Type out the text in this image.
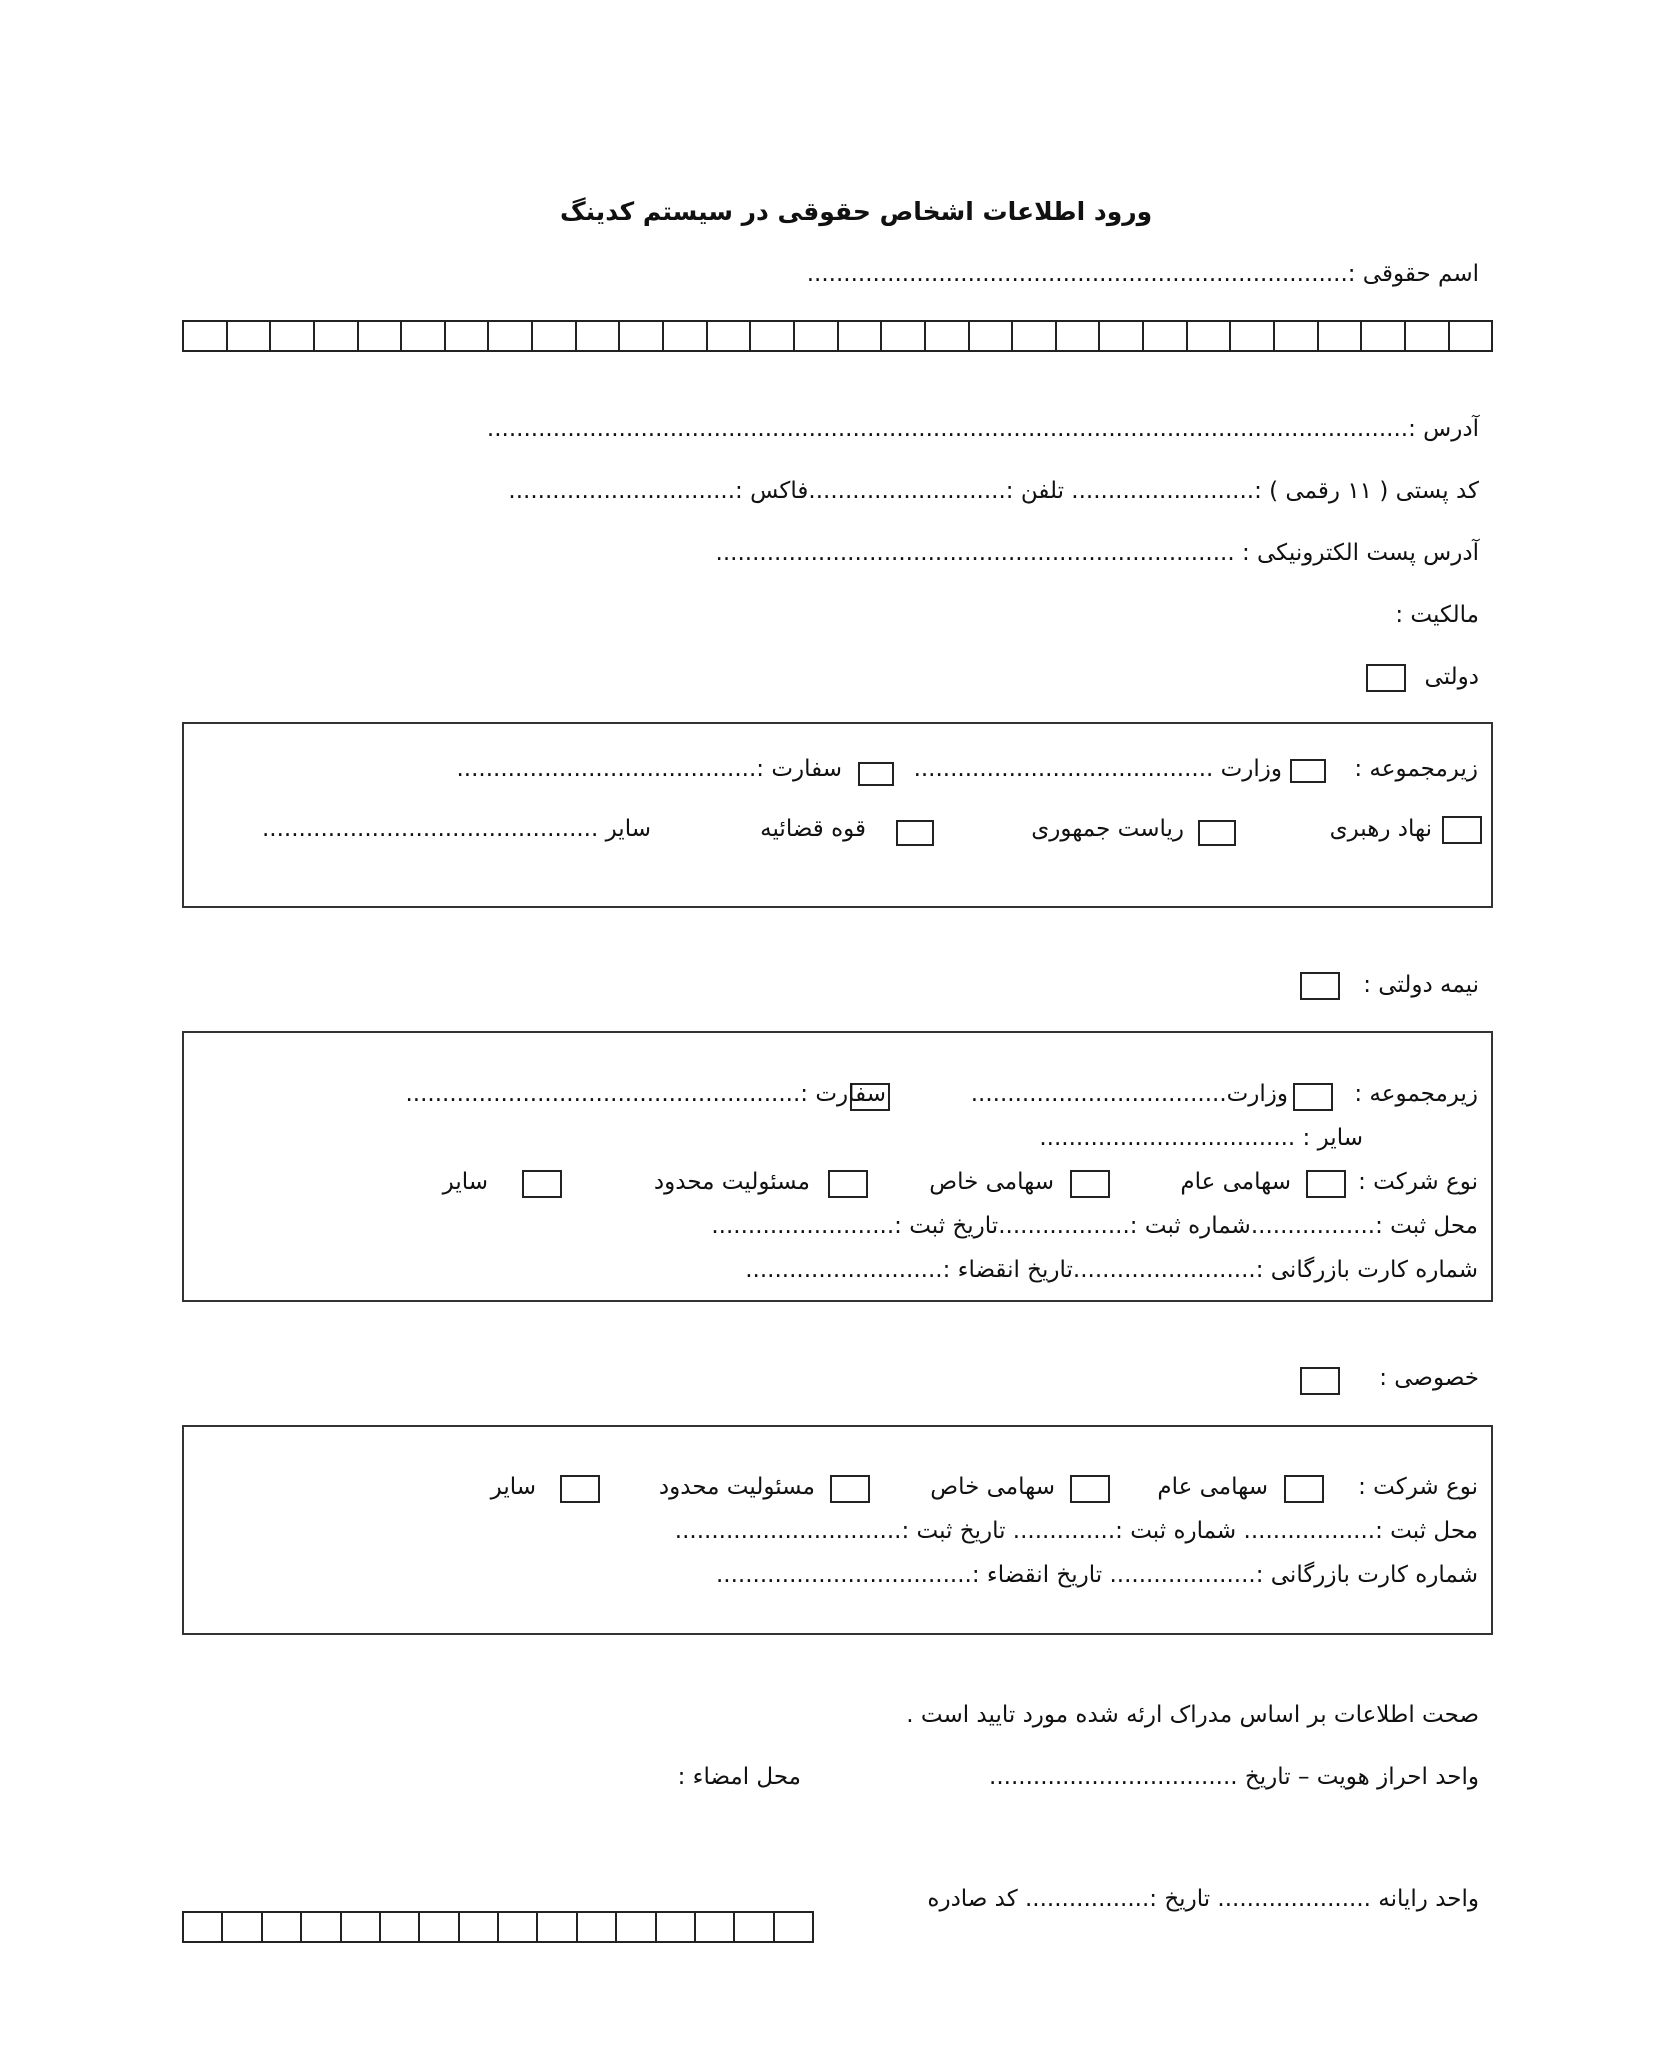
ورود اطلاعات اشخاص حقوقی در سیستم کدینگ
اسم حقوقی :..........................................................................
آدرس :..............................................................................................................................
کد پستی ( ۱۱ رقمی ) :......................... تلفن :...........................فاکس :...............................
آدرس پست الکترونیکی : .......................................................................
مالکیت :
دولتی
زیرمجموعه :
وزارت .........................................
سفارت :.........................................
نهاد رهبری
ریاست جمهوری
قوه قضائیه
سایر ..............................................
نیمه دولتی :
زیرمجموعه :
وزارت...................................
سفارت :......................................................
سایر : ...................................
نوع شرکت :
سهامی عام
سهامی خاص
مسئولیت محدود
سایر
محل ثبت :.................شماره ثبت :..................تاریخ ثبت :.........................
شماره کارت بازرگانی :.........................تاریخ انقضاء :...........................
خصوصی :
نوع شرکت :
سهامی عام
سهامی خاص
مسئولیت محدود
سایر
محل ثبت :.................. شماره ثبت :.............. تاریخ ثبت :...............................
شماره کارت بازرگانی :.................... تاریخ انقضاء :...................................
صحت اطلاعات بر اساس مدراک ارئه شده مورد تایید است .
واحد احراز هویت – تاریخ ..................................
محل امضاء :
واحد رایانه ..................... تاریخ :................. کد صادره
